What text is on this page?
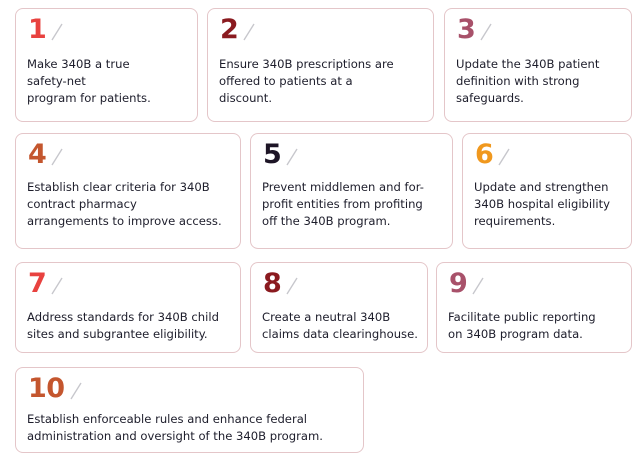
1
Make 340B a true
safety-net
program for patients.
2
Ensure 340B prescriptions are
offered to patients at a
discount.
3
Update the 340B patient
definition with strong
safeguards.
4
Establish clear criteria for 340B
contract pharmacy
arrangements to improve access.
5
Prevent middlemen and for-
profit entities from profiting
off the 340B program.
6
Update and strengthen
340B hospital eligibility
requirements.
7
Address standards for 340B child
sites and subgrantee eligibility.
8
Create a neutral 340B
claims data clearinghouse.
9
Facilitate public reporting
on 340B program data.
10
Establish enforceable rules and enhance federal
administration and oversight of the 340B program.
